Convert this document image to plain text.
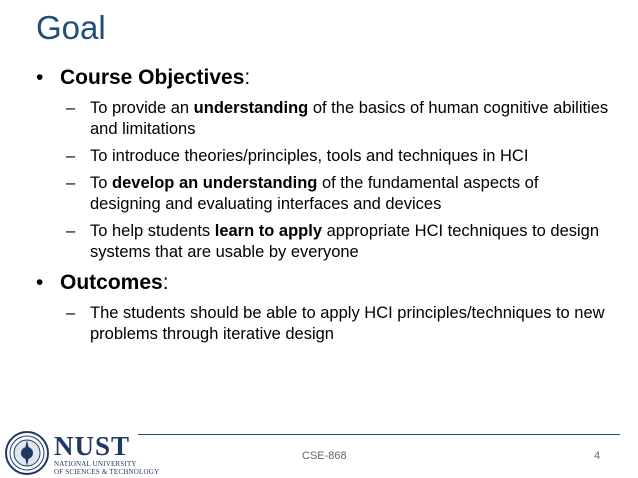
Goal
• Course Objectives:
– To provide an understanding of the basics of human cognitive abilities and limitations
– To introduce theories/principles, tools and techniques in HCI
– To develop an understanding of the fundamental aspects of designing and evaluating interfaces and devices
– To help students learn to apply appropriate HCI techniques to design systems that are usable by everyone
• Outcomes:
– The students should be able to apply HCI principles/techniques to new problems through iterative design
NUST
NATIONAL UNIVERSITY
OF SCIENCES & TECHNOLOGY
CSE-868	4
